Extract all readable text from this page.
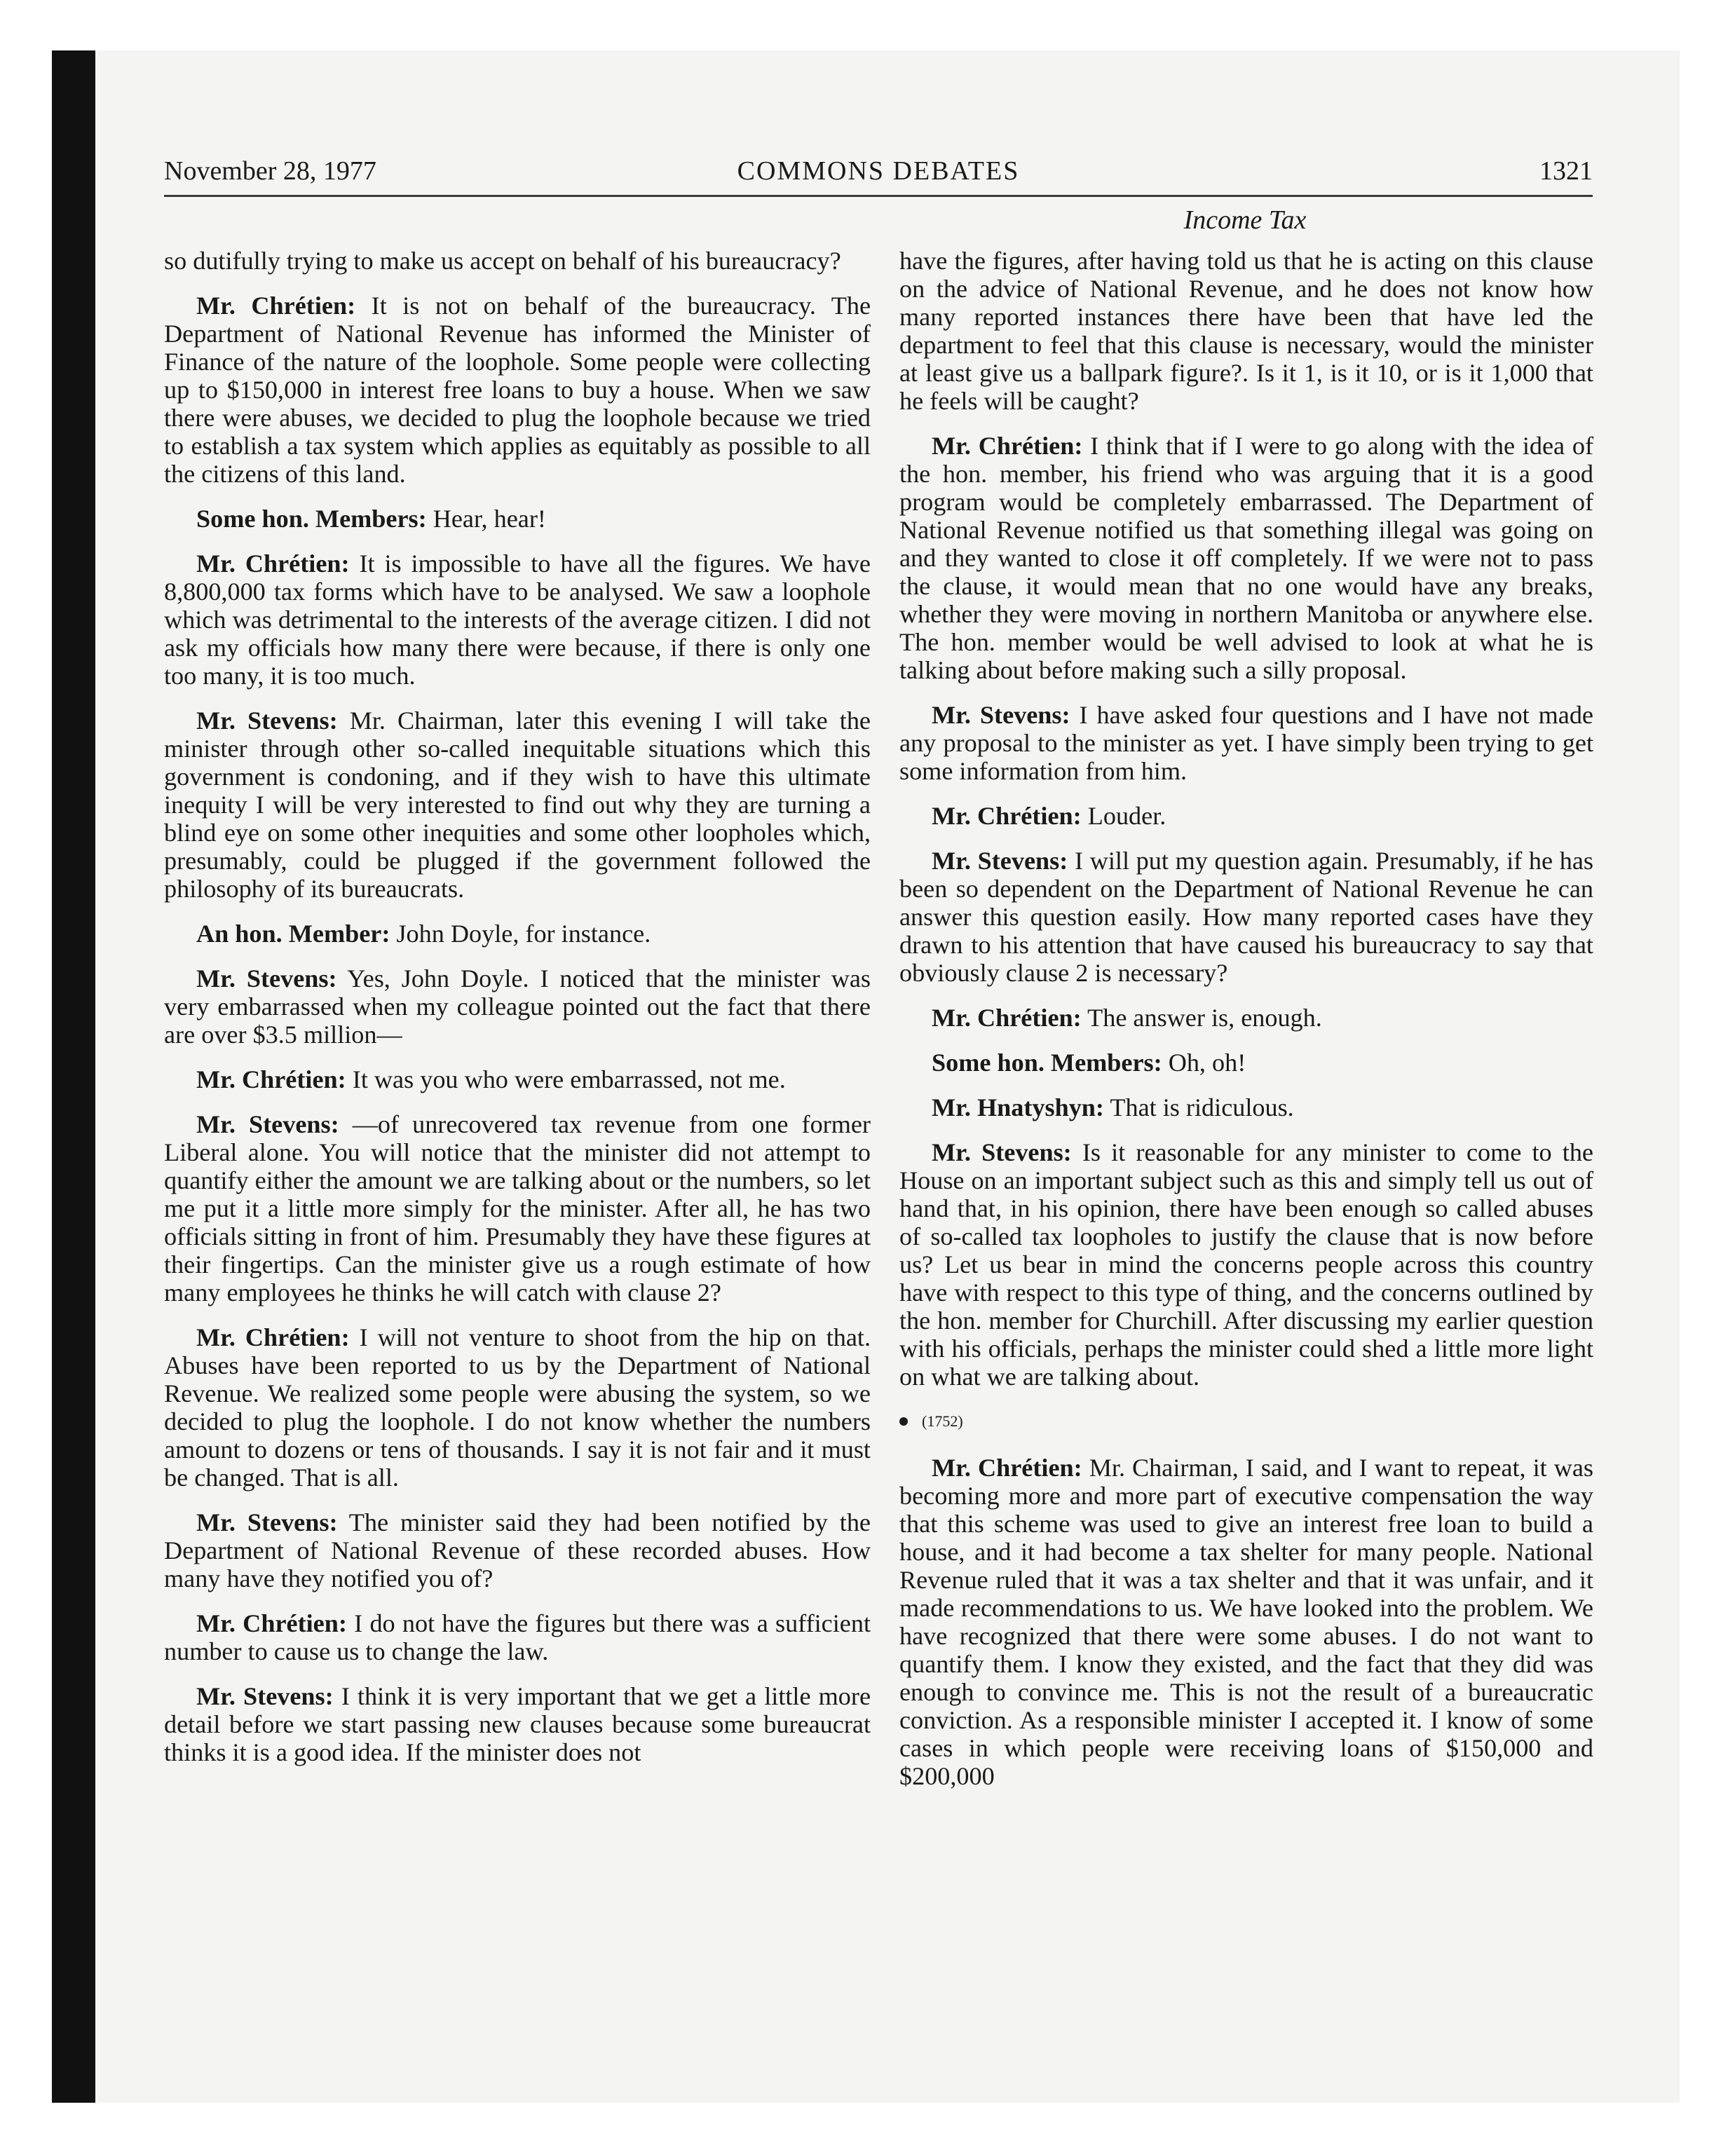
November 28, 1977	COMMONS DEBATES	1321
Income Tax

so dutifully trying to make us accept on behalf of his bureaucracy?

Mr. Chrétien: It is not on behalf of the bureaucracy. The Department of National Revenue has informed the Minister of Finance of the nature of the loophole. Some people were collecting up to $150,000 in interest free loans to buy a house. When we saw there were abuses, we decided to plug the loophole because we tried to establish a tax system which applies as equitably as possible to all the citizens of this land.

Some hon. Members: Hear, hear!

Mr. Chrétien: It is impossible to have all the figures. We have 8,800,000 tax forms which have to be analysed. We saw a loophole which was detrimental to the interests of the average citizen. I did not ask my officials how many there were because, if there is only one too many, it is too much.

Mr. Stevens: Mr. Chairman, later this evening I will take the minister through other so-called inequitable situations which this government is condoning, and if they wish to have this ultimate inequity I will be very interested to find out why they are turning a blind eye on some other inequities and some other loopholes which, presumably, could be plugged if the government followed the philosophy of its bureaucrats.

An hon. Member: John Doyle, for instance.

Mr. Stevens: Yes, John Doyle. I noticed that the minister was very embarrassed when my colleague pointed out the fact that there are over $3.5 million—

Mr. Chrétien: It was you who were embarrassed, not me.

Mr. Stevens: —of unrecovered tax revenue from one former Liberal alone. You will notice that the minister did not attempt to quantify either the amount we are talking about or the numbers, so let me put it a little more simply for the minister. After all, he has two officials sitting in front of him. Presumably they have these figures at their fingertips. Can the minister give us a rough estimate of how many employees he thinks he will catch with clause 2?

Mr. Chrétien: I will not venture to shoot from the hip on that. Abuses have been reported to us by the Department of National Revenue. We realized some people were abusing the system, so we decided to plug the loophole. I do not know whether the numbers amount to dozens or tens of thousands. I say it is not fair and it must be changed. That is all.

Mr. Stevens: The minister said they had been notified by the Department of National Revenue of these recorded abuses. How many have they notified you of?

Mr. Chrétien: I do not have the figures but there was a sufficient number to cause us to change the law.

Mr. Stevens: I think it is very important that we get a little more detail before we start passing new clauses because some bureaucrat thinks it is a good idea. If the minister does not

have the figures, after having told us that he is acting on this clause on the advice of National Revenue, and he does not know how many reported instances there have been that have led the department to feel that this clause is necessary, would the minister at least give us a ballpark figure?. Is it 1, is it 10, or is it 1,000 that he feels will be caught?

Mr. Chrétien: I think that if I were to go along with the idea of the hon. member, his friend who was arguing that it is a good program would be completely embarrassed. The Department of National Revenue notified us that something illegal was going on and they wanted to close it off completely. If we were not to pass the clause, it would mean that no one would have any breaks, whether they were moving in northern Manitoba or anywhere else. The hon. member would be well advised to look at what he is talking about before making such a silly proposal.

Mr. Stevens: I have asked four questions and I have not made any proposal to the minister as yet. I have simply been trying to get some information from him.

Mr. Chrétien: Louder.

Mr. Stevens: I will put my question again. Presumably, if he has been so dependent on the Department of National Revenue he can answer this question easily. How many reported cases have they drawn to his attention that have caused his bureaucracy to say that obviously clause 2 is necessary?

Mr. Chrétien: The answer is, enough.

Some hon. Members: Oh, oh!

Mr. Hnatyshyn: That is ridiculous.

Mr. Stevens: Is it reasonable for any minister to come to the House on an important subject such as this and simply tell us out of hand that, in his opinion, there have been enough so called abuses of so-called tax loopholes to justify the clause that is now before us? Let us bear in mind the concerns people across this country have with respect to this type of thing, and the concerns outlined by the hon. member for Churchill. After discussing my earlier question with his officials, perhaps the minister could shed a little more light on what we are talking about.

(1752)

Mr. Chrétien: Mr. Chairman, I said, and I want to repeat, it was becoming more and more part of executive compensation the way that this scheme was used to give an interest free loan to build a house, and it had become a tax shelter for many people. National Revenue ruled that it was a tax shelter and that it was unfair, and it made recommendations to us. We have looked into the problem. We have recognized that there were some abuses. I do not want to quantify them. I know they existed, and the fact that they did was enough to convince me. This is not the result of a bureaucratic conviction. As a responsible minister I accepted it. I know of some cases in which people were receiving loans of $150,000 and $200,000
